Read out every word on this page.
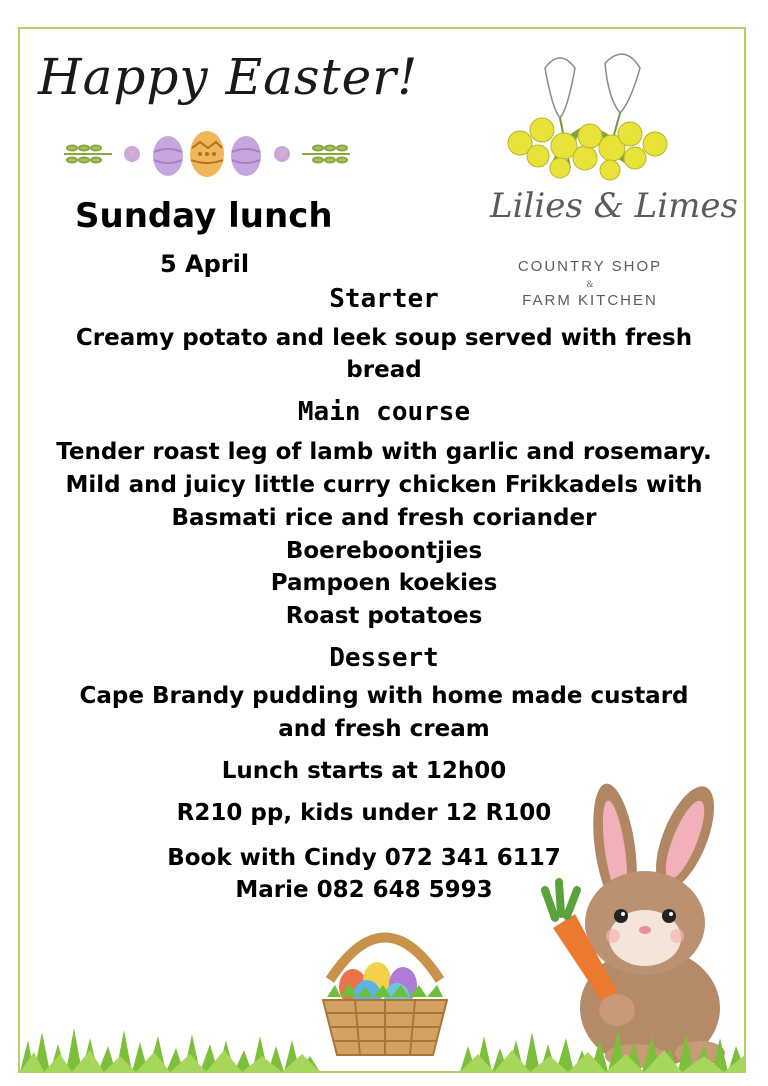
Happy Easter!
Sunday lunch
5 April
Lilies & Limes
COUNTRY SHOP
&
FARM KITCHEN
Starter
Creamy potato and leek soup served with fresh
bread
Main course
Tender roast leg of lamb with garlic and rosemary.
Mild and juicy little curry chicken Frikkadels with
Basmati rice and fresh coriander
Boereboontjies
Pampoen koekies
Roast potatoes
Dessert
Cape Brandy pudding with home made custard
and fresh cream
Lunch starts at 12h00
R210 pp, kids under 12 R100
Book with Cindy 072 341 6117
Marie 082 648 5993
